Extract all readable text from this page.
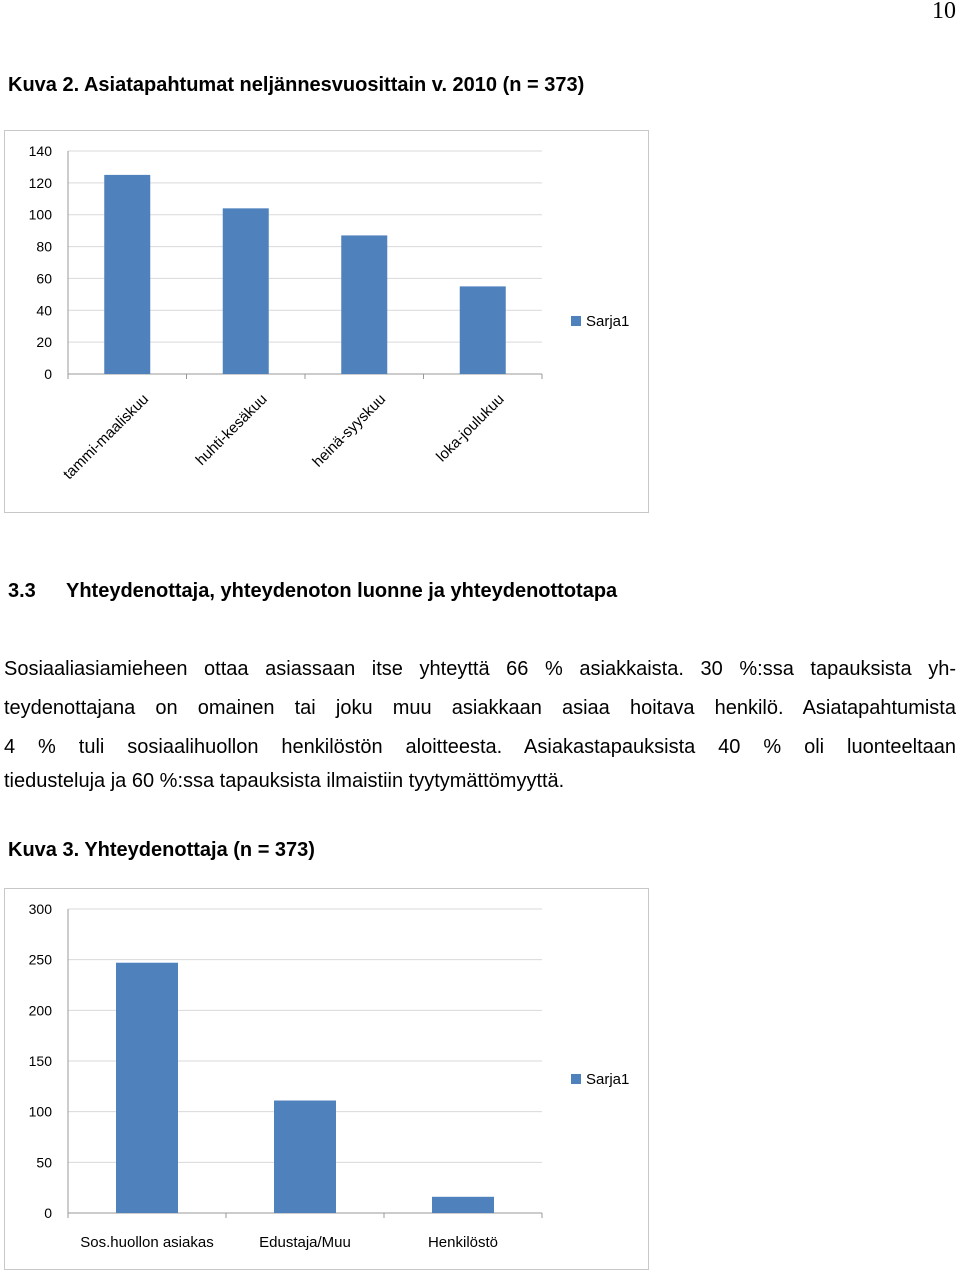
10
Kuva 2. Asiatapahtumat neljännesvuosittain v. 2010 (n = 373)
0
20
40
60
80
100
120
140
tammi-maaliskuu	huhti-kesäkuu	heinä-syyskuu	loka-joulukuu
Sarja1
3.3 Yhteydenottaja, yhteydenoton luonne ja yhteydenottotapa
Sosiaaliasiamieheen ottaa asiassaan itse yhteyttä 66 % asiakkaista. 30 %:ssa tapauksista yh-
teydenottajana on omainen tai joku muu asiakkaan asiaa hoitava henkilö. Asiatapahtumista
4 % tuli sosiaalihuollon henkilöstön aloitteesta. Asiakastapauksista 40 % oli luonteeltaan
tiedusteluja ja 60 %:ssa tapauksista ilmaistiin tyytymättömyyttä.
Kuva 3. Yhteydenottaja (n = 373)
0
50
100
150
200
250
300
Sos.huollon asiakas	Edustaja/Muu	Henkilöstö
Sarja1
